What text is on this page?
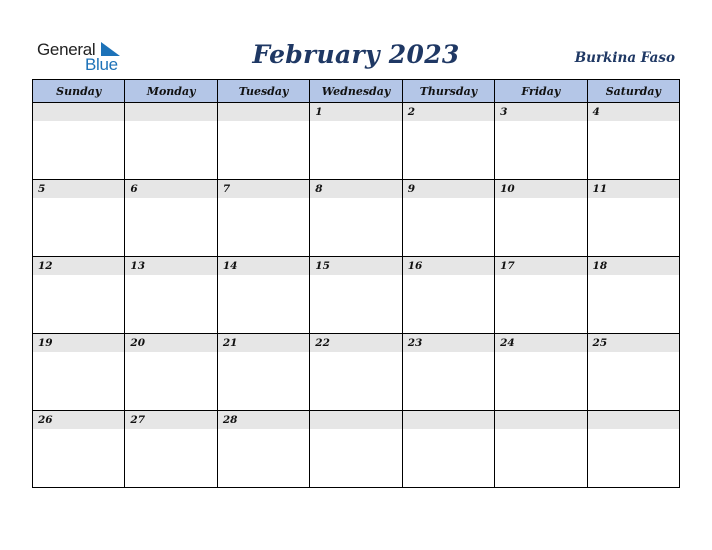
General
Blue	February 2023	Burkina Faso
Sunday	Monday	Tuesday	Wednesday	Thursday	Friday	Saturday

			1	2	3	4

5	6	7	8	9	10	11

12	13	14	15	16	17	18

19	20	21	22	23	24	25

26	27	28				
